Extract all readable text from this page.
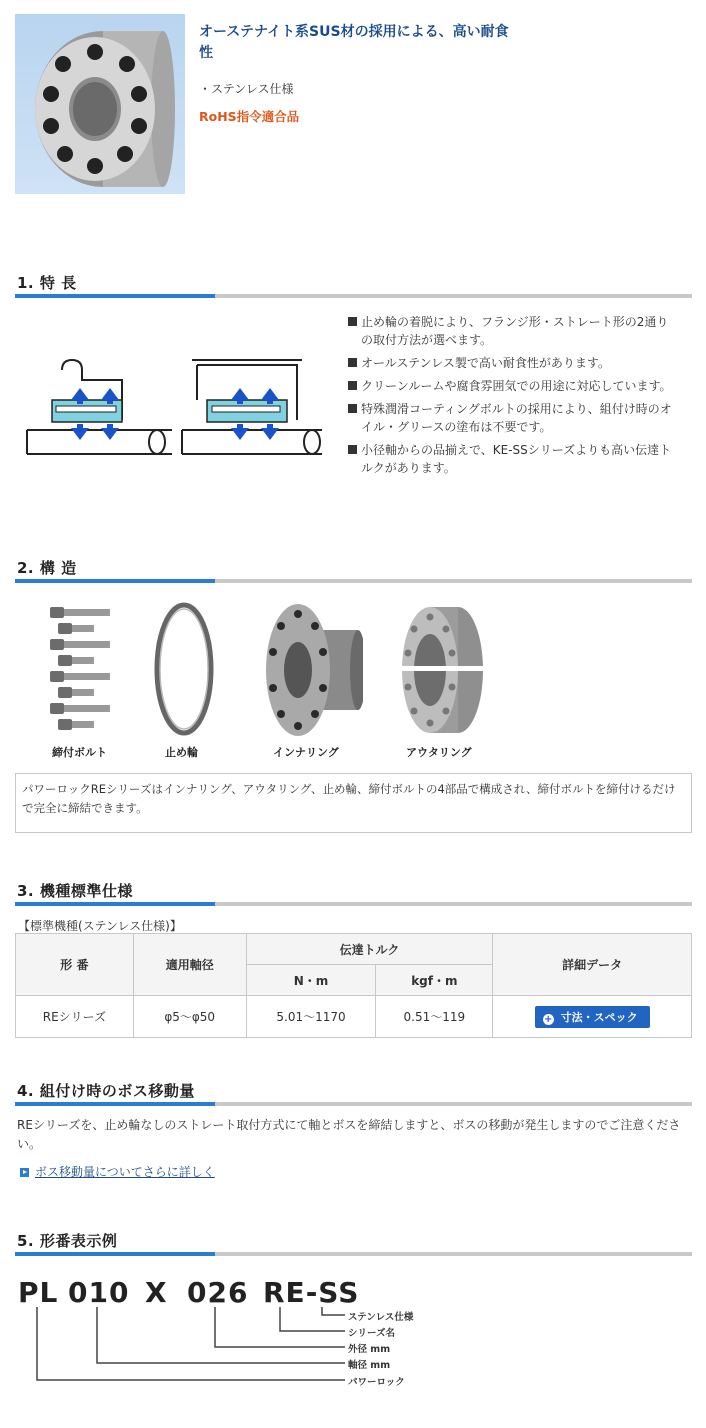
オーステナイト系SUS材の採用による、高い耐食性
・ステンレス仕様
RoHS指令適合品
1. 特 長
止め輪の着脱により、フランジ形・ストレート形の2通りの取付方法が選べます。
オールステンレス製で高い耐食性があります。
クリーンルームや腐食雰囲気での用途に対応しています。
特殊潤滑コーティングボルトの採用により、組付け時のオイル・グリースの塗布は不要です。
小径軸からの品揃えで、KE-SSシリーズよりも高い伝達トルクがあります。
2. 構 造
締付ボルト	止め輪	インナリング	アウタリング
パワーロックREシリーズはインナリング、アウタリング、止め輪、締付ボルトの4部品で構成され、締付ボルトを締付けるだけで完全に締結できます。
3. 機種標準仕様
【標準機種(ステンレス仕様)】
形 番	適用軸径	伝達トルク		詳細データ
		N・m	kgf・m	
REシリーズ	φ5〜φ50	5.01〜1170	0.51〜119	+ 寸法・スペック
4. 組付け時のボス移動量
REシリーズを、止め輪なしのストレート取付方式にて軸とボスを締結しますと、ボスの移動が発生しますのでご注意ください。
ボス移動量についてさらに詳しく
5. 形番表示例
PL 010 X 026 RE-SS
ステンレス仕様
シリーズ名
外径 mm
軸径 mm
パワーロック
